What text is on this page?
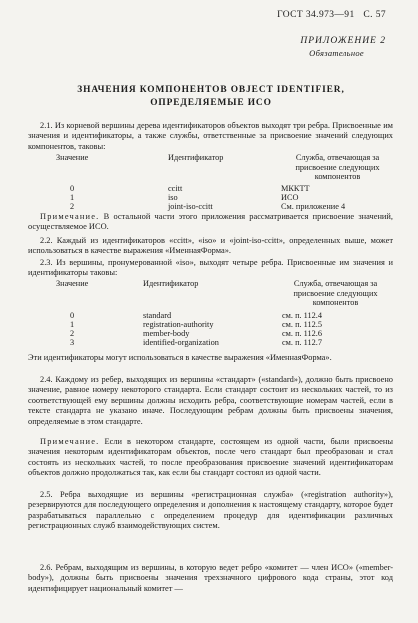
ГОСТ 34.973—91 С. 57
ПРИЛОЖЕНИЕ 2
Обязательное
ЗНАЧЕНИЯ КОМПОНЕНТОВ OBJECT IDENTIFIER,
ОПРЕДЕЛЯЕМЫЕ ИСО
2.1. Из корневой вершины дерева идентификаторов объектов выходят три ребра. Присвоенные им значения и идентификаторы, а также службы, ответственные за присвоение значений следующих компонентов, таковы:
Значение	Идентификатор	Служба, отвечающая за присвоение следующих компонентов
0	ccitt	МККТТ
1	iso	ИСО
2	joint-iso-ccitt	См. приложение 4
Примечание. В остальной части этого приложения рассматривается присвоение значений, осуществляемое ИСО.
2.2. Каждый из идентификаторов «ccitt», «iso» и «joint-iso-ccitt», определенных выше, может использоваться в качестве выражения «ИменнаяФорма».
2.3. Из вершины, пронумерованной «iso», выходят четыре ребра. Присвоенные им значения и идентификаторы таковы:
Значение	Идентификатор	Служба, отвечающая за присвоение следующих компонентов
0	standard	см. п. 112.4
1	registration-authority	см. п. 112.5
2	member-body	см. п. 112.6
3	identified-organization	см. п. 112.7
Эти идентификаторы могут использоваться в качестве выражения «ИменнаяФорма».
2.4. Каждому из ребер, выходящих из вершины «стандарт» («standard»), должно быть присвоено значение, равное номеру некоторого стандарта. Если стандарт состоит из нескольких частей, то из соответствующей ему вершины должны исходить ребра, соответствующие номерам частей, если в тексте стандарта не указано иначе. Последующим ребрам должны быть присвоены значения, определяемые в этом стандарте.
Примечание. Если в некотором стандарте, состоящем из одной части, были присвоены значения некоторым идентификаторам объектов, после чего стандарт был преобразован и стал состоять из нескольких частей, то после преобразования присвоение значений идентификаторам объектов должно продолжаться так, как если бы стандарт состоял из одной части.
2.5. Ребра выходящие из вершины «регистрационная служба» («registration authority»), резервируются для последующего определения и дополнения к настоящему стандарту, которое будет разрабатываться параллельно с определением процедур для идентификации различных регистрационных служб взаимодействующих систем.
2.6. Ребрам, выходящим из вершины, в которую ведет ребро «комитет — член ИСО» («member-body»), должны быть присвоены значения трехзначного цифрового кода страны, этот код идентифицирует национальный комитет —
